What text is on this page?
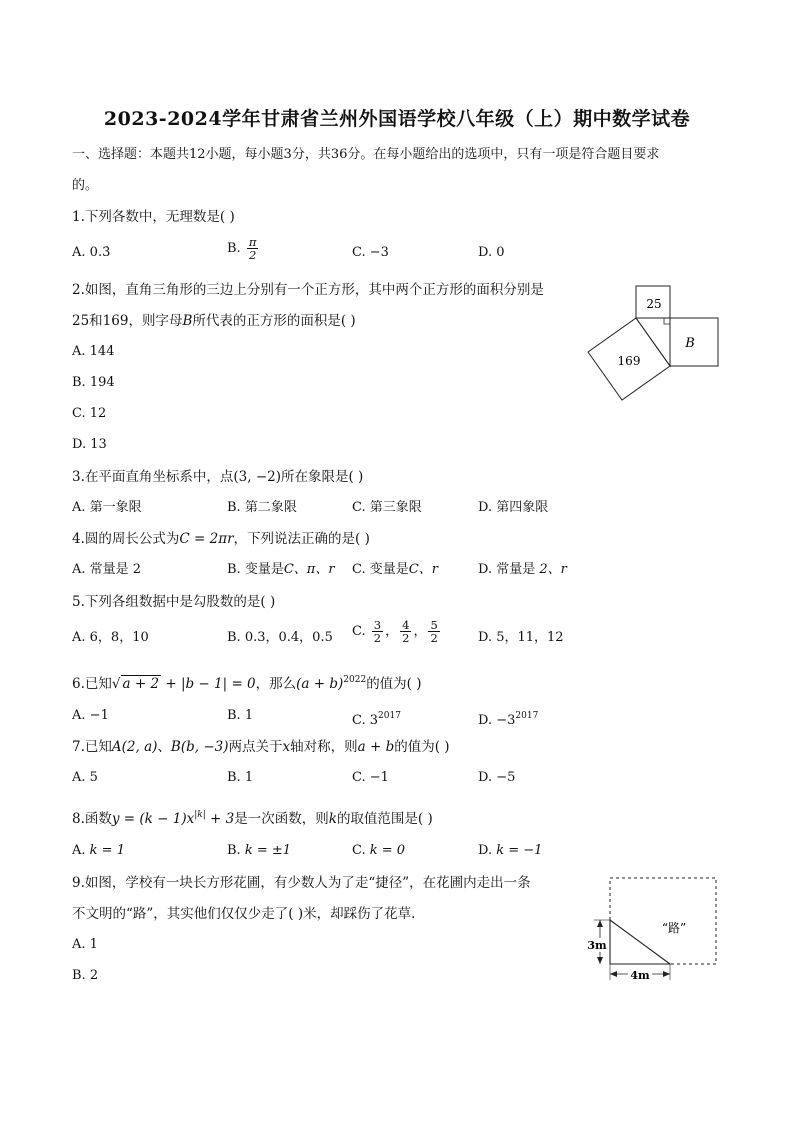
2023-2024学年甘肃省兰州外国语学校八年级（上）期中数学试卷
一、选择题：本题共12小题，每小题3分，共36分。在每小题给出的选项中，只有一项是符合题目要求
的。
1.下列各数中，无理数是( )
A. 0.3̇	B. $\frac{\pi}{2}$	C. −3	D. 0
2.如图，直角三角形的三边上分别有一个正方形，其中两个正方形的面积分别是
25和169，则字母B所代表的正方形的面积是( )
A. 144
B. 194
C. 12
D. 13
25
169
B
3.在平面直角坐标系中，点(3, −2)所在象限是( )
A. 第一象限	B. 第二象限	C. 第三象限	D. 第四象限
4.圆的周长公式为C = 2πr，下列说法正确的是( )
A. 常量是 2	B. 变量是C、π、r C. 变量是C、r	D. 常量是 2、r
5.下列各组数据中是勾股数的是( )
A. 6，8，10	B. 0.3，0.4，0.5 C. $\frac{3}{2}$ ， $\frac{4}{2}$ ， $\frac{5}{2}$	D. 5，11，12
6.已知√ a + 2 + |b − 1| = 0，那么$(a + b)^{2022}$的值为( )
A. −1	B. 1	C. $3^{2017}$	D. $-3^{2017}$
7.已知A(2, a)、B(b, −3)两点关于x轴对称，则a + b的值为( )
A. 5	B. 1	C. −1	D. −5
8.函数$y = (k - 1)x^{|k|} + 3$是一次函数，则k的取值范围是( )
A. k = 1	B. k = ±1	C. k = 0	D. k = −1
9.如图，学校有一块长方形花圃，有少数人为了走“捷径”，在花圃内走出一条
不文明的“路”，其实他们仅仅少走了( )米，却踩伤了花草.
A. 1
B. 2
3m
4m
“路”
